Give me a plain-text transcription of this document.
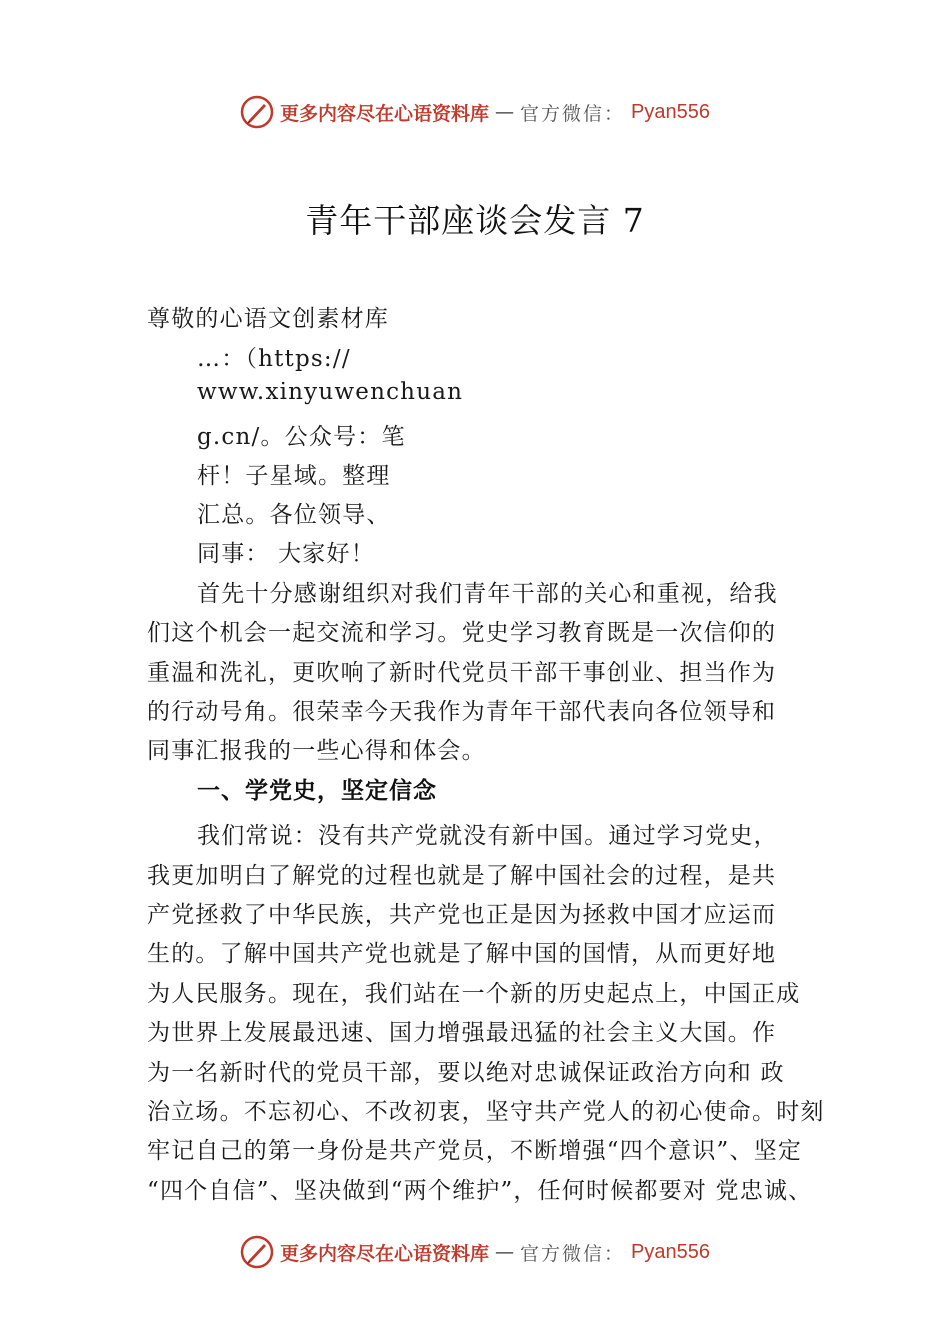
更多内容尽在心语资料库 — 官方微信： Pyan556
青年干部座谈会发言 7
尊敬的心语文创素材库
…：（https://
www.xinyuwenchuan
g.cn/。公众号：笔
杆！子星域。整理
汇总。各位领导、
同事： 大家好！
首先十分感谢组织对我们青年干部的关心和重视，给我
们这个机会一起交流和学习。党史学习教育既是一次信仰的
重温和洗礼，更吹响了新时代党员干部干事创业、担当作为
的行动号角。很荣幸今天我作为青年干部代表向各位领导和
同事汇报我的一些心得和体会。
一、学党史，坚定信念
我们常说：没有共产党就没有新中国。通过学习党史，
我更加明白了解党的过程也就是了解中国社会的过程，是共
产党拯救了中华民族，共产党也正是因为拯救中国才应运而
生的。了解中国共产党也就是了解中国的国情，从而更好地
为人民服务。现在，我们站在一个新的历史起点上，中国正成
为世界上发展最迅速、国力增强最迅猛的社会主义大国。作
为一名新时代的党员干部，要以绝对忠诚保证政治方向和 政
治立场。不忘初心、不改初衷，坚守共产党人的初心使命。时刻
牢记自己的第一身份是共产党员，不断增强“四个意识”、坚定
“四个自信”、坚决做到“两个维护”，任何时候都要对 党忠诚、
更多内容尽在心语资料库 — 官方微信： Pyan556
